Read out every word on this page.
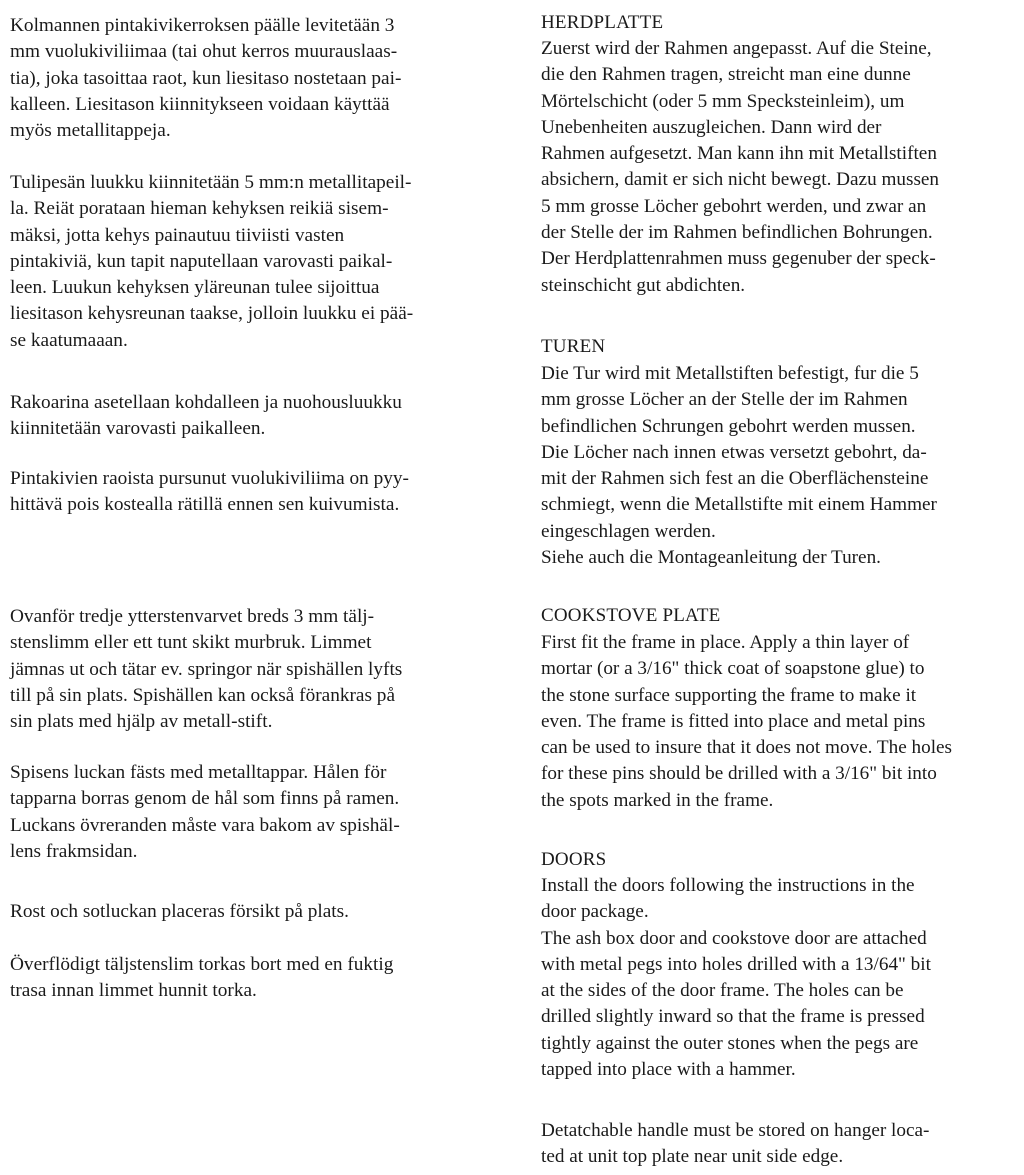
Kolmannen pintakivikerroksen päälle levitetään 3
mm vuolukiviliimaa (tai ohut kerros muurauslaas-
tia), joka tasoittaa raot, kun liesitaso nostetaan pai-
kalleen. Liesitason kiinnitykseen voidaan käyttää
myös metallitappeja.

Tulipesän luukku kiinnitetään 5 mm:n metallitapeil-
la. Reiät porataan hieman kehyksen reikiä sisem-
mäksi, jotta kehys painautuu tiiviisti vasten
pintakiviä, kun tapit naputellaan varovasti paikal-
leen. Luukun kehyksen yläreunan tulee sijoittua
liesitason kehysreunan taakse, jolloin luukku ei pää-
se kaatumaaan.

Rakoarina asetellaan kohdalleen ja nuohousluukku
kiinnitetään varovasti paikalleen.

Pintakivien raoista pursunut vuolukiviliima on pyy-
hittävä pois kostealla rätillä ennen sen kuivumista.

Ovanför tredje ytterstenvarvet breds 3 mm tälj-
stenslimm eller ett tunt skikt murbruk. Limmet
jämnas ut och tätar ev. springor när spishällen lyfts
till på sin plats. Spishällen kan också förankras på
sin plats med hjälp av metall-stift.

Spisens luckan fästs med metalltappar. Hålen för
tapparna borras genom de hål som finns på ramen.
Luckans övreranden måste vara bakom av spishäl-
lens frakmsidan.

Rost och sotluckan placeras försikt på plats.

Överflödigt täljstenslim torkas bort med en fuktig
trasa innan limmet hunnit torka.

HERDPLATTE

Zuerst wird der Rahmen angepasst. Auf die Steine,
die den Rahmen tragen, streicht man eine dunne
Mörtelschicht (oder 5 mm Specksteinleim), um
Unebenheiten auszugleichen. Dann wird der
Rahmen aufgesetzt. Man kann ihn mit Metallstiften
absichern, damit er sich nicht bewegt. Dazu mussen
5 mm grosse Löcher gebohrt werden, und zwar an
der Stelle der im Rahmen befindlichen Bohrungen.
Der Herdplattenrahmen muss gegenuber der speck-
steinschicht gut abdichten.

TUREN

Die Tur wird mit Metallstiften befestigt, fur die 5
mm grosse Löcher an der Stelle der im Rahmen
befindlichen Schrungen gebohrt werden mussen.
Die Löcher nach innen etwas versetzt gebohrt, da-
mit der Rahmen sich fest an die Oberflächensteine
schmiegt, wenn die Metallstifte mit einem Hammer
eingeschlagen werden.
Siehe auch die Montageanleitung der Turen.

COOKSTOVE PLATE

First fit the frame in place. Apply a thin layer of
mortar (or a 3/16" thick coat of soapstone glue) to
the stone surface supporting the frame to make it
even. The frame is fitted into place and metal pins
can be used to insure that it does not move. The holes
for these pins should be drilled with a 3/16" bit into
the spots marked in the frame.

DOORS

Install the doors following the instructions in the
door package.
The ash box door and cookstove door are attached
with metal pegs into holes drilled with a 13/64" bit
at the sides of the door frame. The holes can be
drilled slightly inward so that the frame is pressed
tightly against the outer stones when the pegs are
tapped into place with a hammer.

Detatchable handle must be stored on hanger loca-
ted at unit top plate near unit side edge.
